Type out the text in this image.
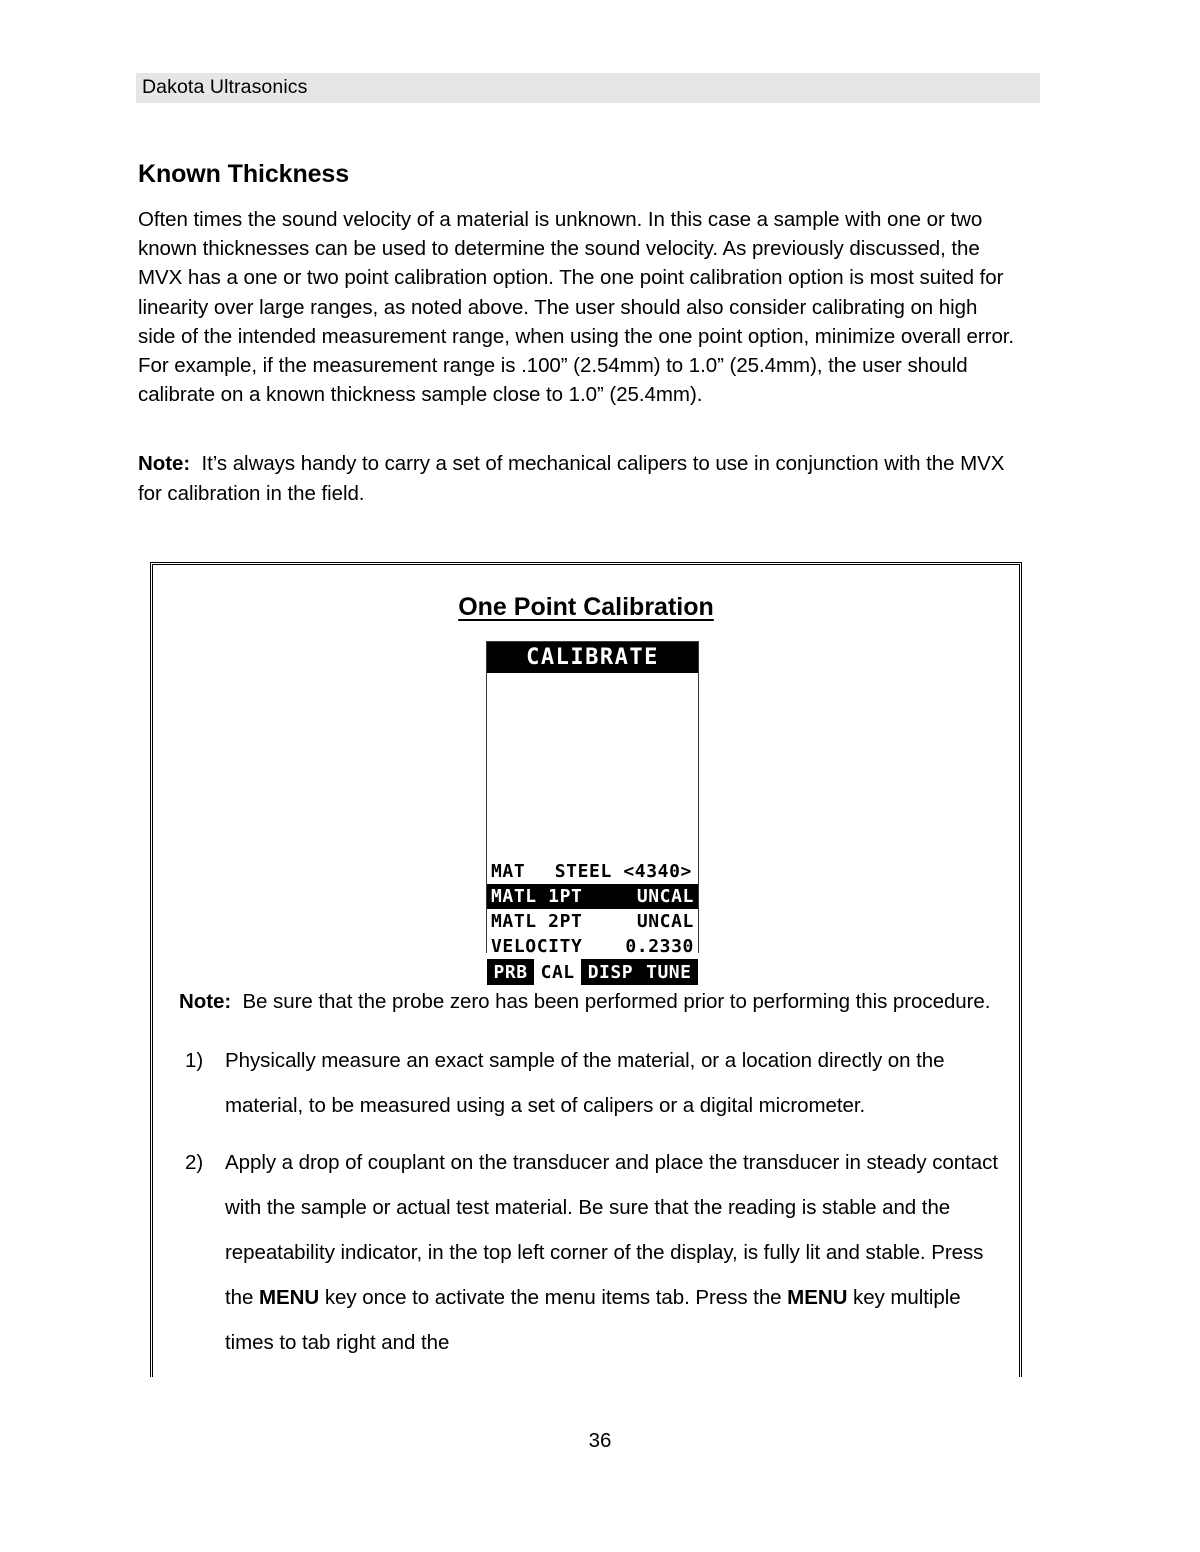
Dakota Ultrasonics
Known Thickness

Often times the sound velocity of a material is unknown. In this case a sample with one or two known thicknesses can be used to determine the sound velocity. As previously discussed, the MVX has a one or two point calibration option. The one point calibration option is most suited for linearity over large ranges, as noted above. The user should also consider calibrating on high side of the intended measurement range, when using the one point option, minimize overall error. For example, if the measurement range is .100” (2.54mm) to 1.0” (25.4mm), the user should calibrate on a known thickness sample close to 1.0” (25.4mm).

Note: It’s always handy to carry a set of mechanical calipers to use in conjunction with the MVX for calibration in the field.

One Point Calibration
CALIBRATE
MAT STEEL <4340>
MATL 1PT	UNCAL
MATL 2PT	UNCAL
VELOCITY 0.2330
PRB CAL DISP TUNE

Note: Be sure that the probe zero has been performed prior to performing this procedure.

1) Physically measure an exact sample of the material, or a location directly on the material, to be measured using a set of calipers or a digital micrometer.
2) Apply a drop of couplant on the transducer and place the transducer in steady contact with the sample or actual test material. Be sure that the reading is stable and the repeatability indicator, in the top left corner of the display, is fully lit and stable. Press the MENU key once to activate the menu items tab. Press the MENU key multiple times to tab right and the
36
